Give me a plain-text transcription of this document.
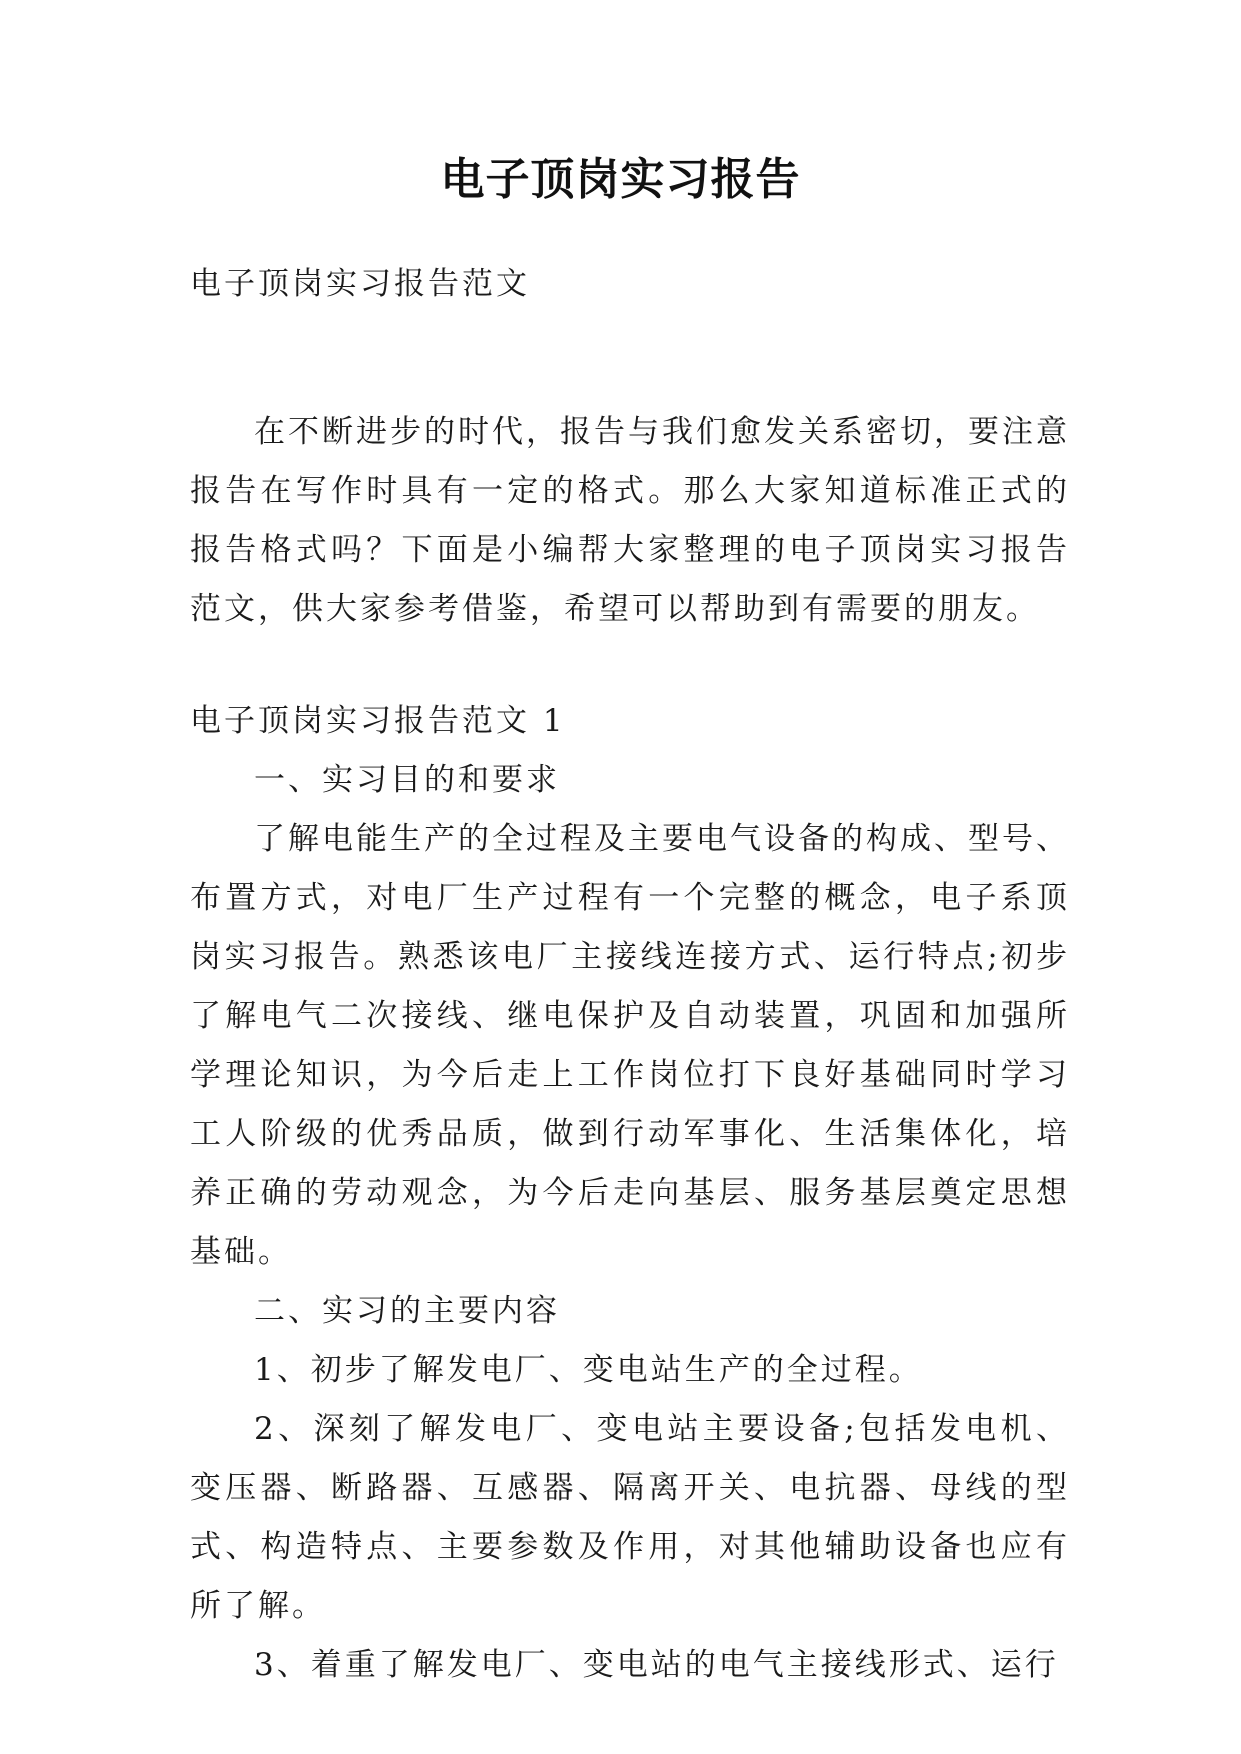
电子顶岗实习报告

电子顶岗实习报告范文

在不断进步的时代，报告与我们愈发关系密切，要注意报告在写作时具有一定的格式。那么大家知道标准正式的报告格式吗？下面是小编帮大家整理的电子顶岗实习报告范文，供大家参考借鉴，希望可以帮助到有需要的朋友。

电子顶岗实习报告范文 1

一、实习目的和要求

了解电能生产的全过程及主要电气设备的构成、型号、布置方式，对电厂生产过程有一个完整的概念，电子系顶岗实习报告。熟悉该电厂主接线连接方式、运行特点;初步了解电气二次接线、继电保护及自动装置，巩固和加强所学理论知识，为今后走上工作岗位打下良好基础同时学习工人阶级的优秀品质，做到行动军事化、生活集体化，培养正确的劳动观念，为今后走向基层、服务基层奠定思想基础。

二、实习的主要内容

1、初步了解发电厂、变电站生产的全过程。

2、深刻了解发电厂、变电站主要设备;包括发电机、变压器、断路器、互感器、隔离开关、电抗器、母线的型式、构造特点、主要参数及作用，对其他辅助设备也应有所了解。

3、着重了解发电厂、变电站的电气主接线形式、运行
